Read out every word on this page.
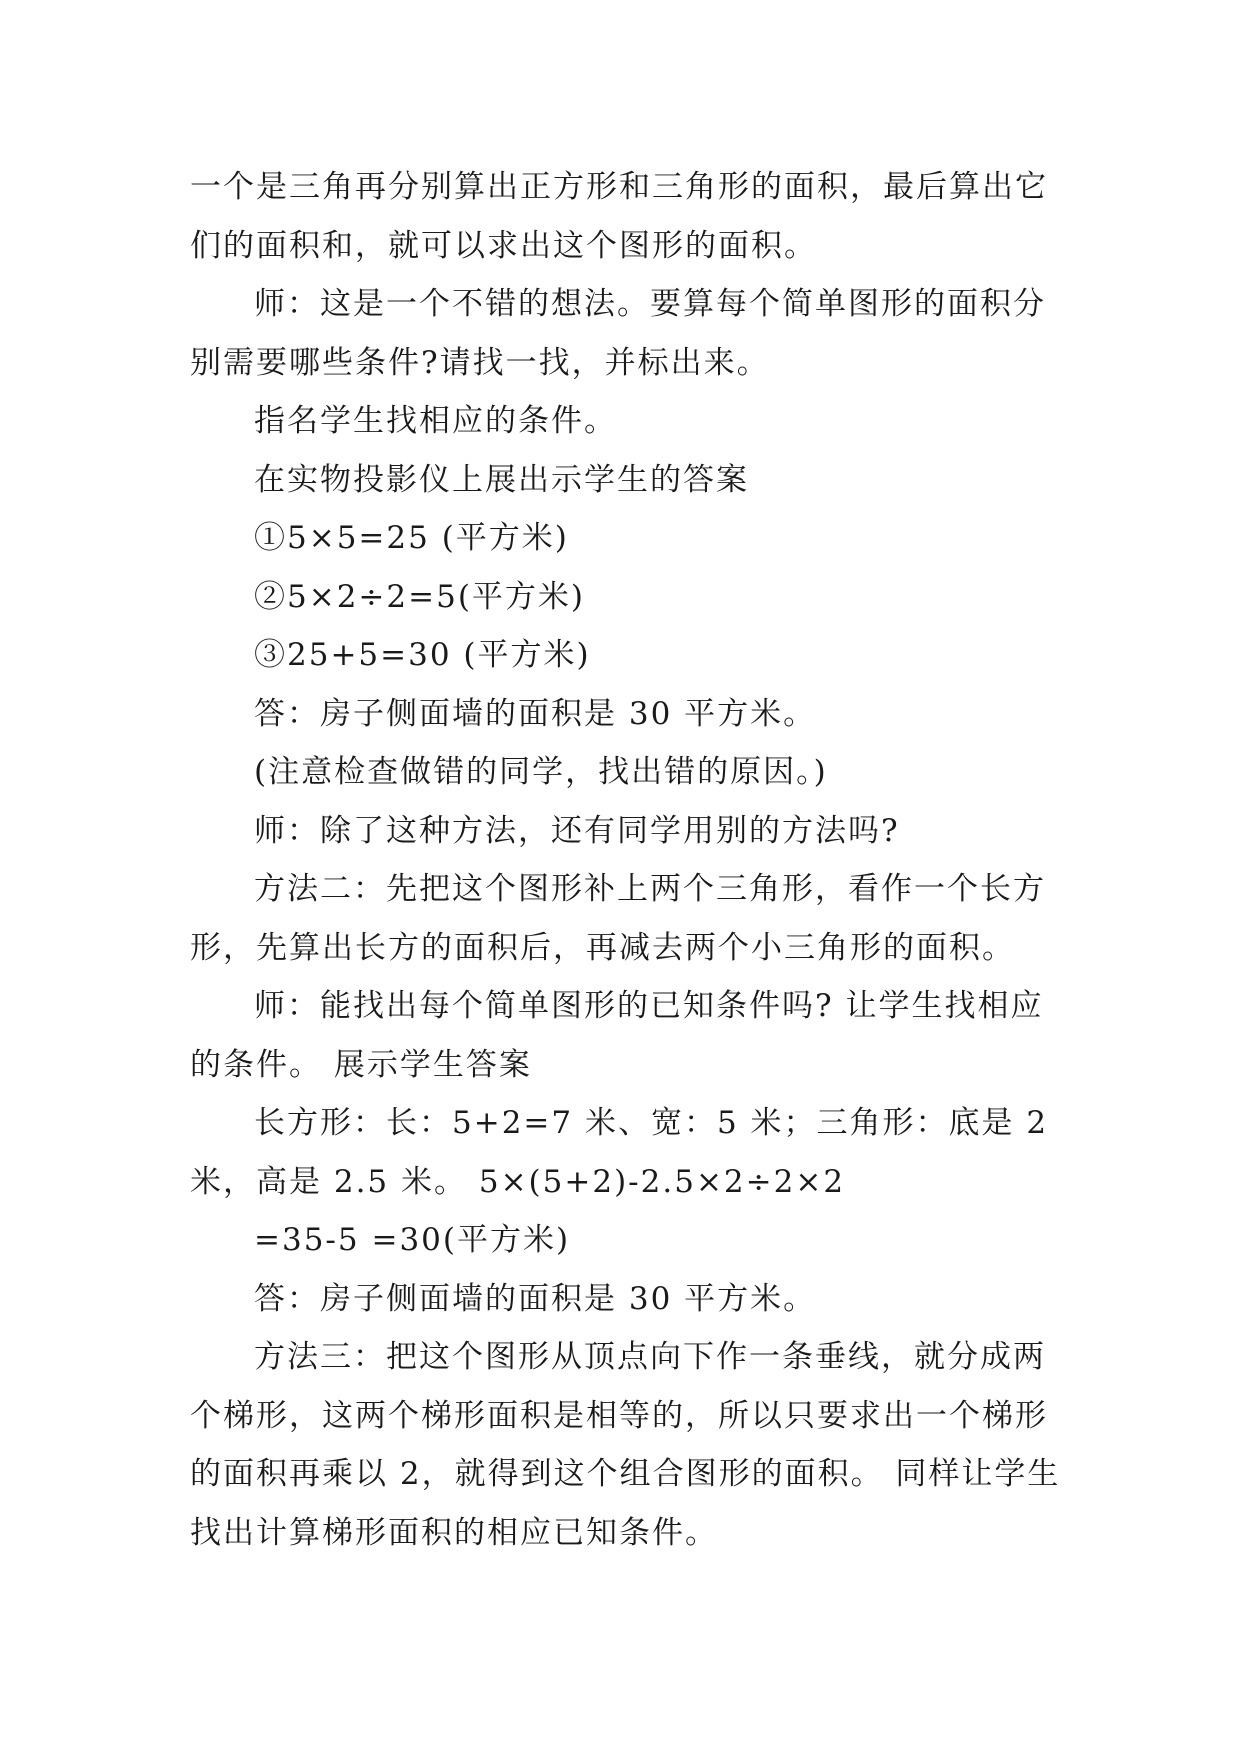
一个是三角再分别算出正方形和三角形的面积，最后算出它们的面积和，就可以求出这个图形的面积。

师：这是一个不错的想法。要算每个简单图形的面积分别需要哪些条件?请找一找，并标出来。

指名学生找相应的条件。

在实物投影仪上展出示学生的答案

①5×5=25 (平方米)

②5×2÷2=5(平方米)

③25+5=30 (平方米)

答：房子侧面墙的面积是 30 平方米。

(注意检查做错的同学，找出错的原因。)

师：除了这种方法，还有同学用别的方法吗?

方法二：先把这个图形补上两个三角形，看作一个长方形，先算出长方的面积后，再减去两个小三角形的面积。

师：能找出每个简单图形的已知条件吗? 让学生找相应的条件。 展示学生答案

长方形：长：5+2=7 米、宽：5 米；三角形：底是 2 米，高是 2.5 米。 5×(5+2)-2.5×2÷2×2

=35-5 =30(平方米)

答：房子侧面墙的面积是 30 平方米。

方法三：把这个图形从顶点向下作一条垂线，就分成两个梯形，这两个梯形面积是相等的，所以只要求出一个梯形的面积再乘以 2，就得到这个组合图形的面积。 同样让学生找出计算梯形面积的相应已知条件。
